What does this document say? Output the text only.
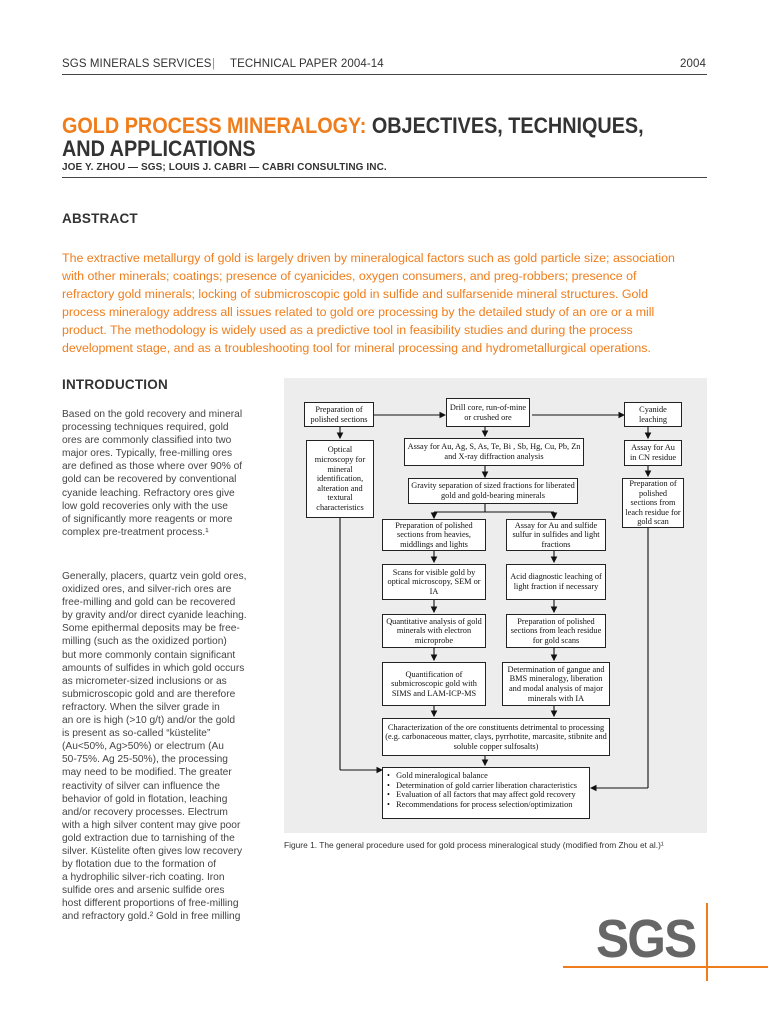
SGS MINERALS SERVICES | TECHNICAL PAPER 2004-14	2004
GOLD PROCESS MINERALOGY: OBJECTIVES, TECHNIQUES,
AND APPLICATIONS
JOE Y. ZHOU — SGS; LOUIS J. CABRI — CABRI CONSULTING INC.
ABSTRACT
The extractive metallurgy of gold is largely driven by mineralogical factors such as gold particle size; association
with other minerals; coatings; presence of cyanicides, oxygen consumers, and preg-robbers; presence of
refractory gold minerals; locking of submicroscopic gold in sulfide and sulfarsenide mineral structures. Gold
process mineralogy address all issues related to gold ore processing by the detailed study of an ore or a mill
product. The methodology is widely used as a predictive tool in feasibility studies and during the process
development stage, and as a troubleshooting tool for mineral processing and hydrometallurgical operations.
INTRODUCTION
Based on the gold recovery and mineral
processing techniques required, gold
ores are commonly classified into two
major ores. Typically, free-milling ores
are defined as those where over 90% of
gold can be recovered by conventional
cyanide leaching. Refractory ores give
low gold recoveries only with the use
of significantly more reagents or more
complex pre-treatment process.¹
Generally, placers, quartz vein gold ores,
oxidized ores, and silver-rich ores are
free-milling and gold can be recovered
by gravity and/or direct cyanide leaching.
Some epithermal deposits may be free-
milling (such as the oxidized portion)
but more commonly contain significant
amounts of sulfides in which gold occurs
as micrometer-sized inclusions or as
submicroscopic gold and are therefore
refractory. When the silver grade in
an ore is high (>10 g/t) and/or the gold
is present as so-called “küstelite”
(Au<50%, Ag>50%) or electrum (Au
50-75%. Ag 25-50%), the processing
may need to be modified. The greater
reactivity of silver can influence the
behavior of gold in flotation, leaching
and/or recovery processes. Electrum
with a high silver content may give poor
gold extraction due to tarnishing of the
silver. Küstelite often gives low recovery
by flotation due to the formation of
a hydrophilic silver-rich coating. Iron
sulfide ores and arsenic sulfide ores
host different proportions of free-milling
and refractory gold.² Gold in free milling
Preparation of polished sections
Drill core, run-of-mine or crushed ore
Cyanide leaching
Optical microscopy for mineral identification, alteration and textural characteristics
Assay for Au, Ag, S, As, Te, Bi , Sb, Hg, Cu, Pb, Zn and X-ray diffraction analysis
Assay for Au in CN residue
Gravity separation of sized fractions for liberated gold and gold-bearing minerals
Preparation of polished sections from leach residue for gold scan
Preparation of polished sections from heavies, middlings and lights
Assay for Au and sulfide sulfur in sulfides and light fractions
Scans for visible gold by optical microscopy, SEM or IA
Acid diagnostic leaching of light fraction if necessary
Quantitative analysis of gold minerals with electron microprobe
Preparation of polished sections from leach residue for gold scans
Quantification of submicroscopic gold with SIMS and LAM-ICP-MS
Determination of gangue and BMS mineralogy, liberation and modal analysis of major minerals with IA
Characterization of the ore constituents detrimental to processing (e.g. carbonaceous matter, clays, pyrrhotite, marcasite, stibnite and soluble copper sulfosalts)
•   Gold mineralogical balance
•   Determination of gold carrier liberation characteristics
•   Evaluation of all factors that may affect gold recovery
•   Recommendations for process selection/optimization
Figure 1. The general procedure used for gold process mineralogical study (modified from Zhou et al.)¹
SGS
